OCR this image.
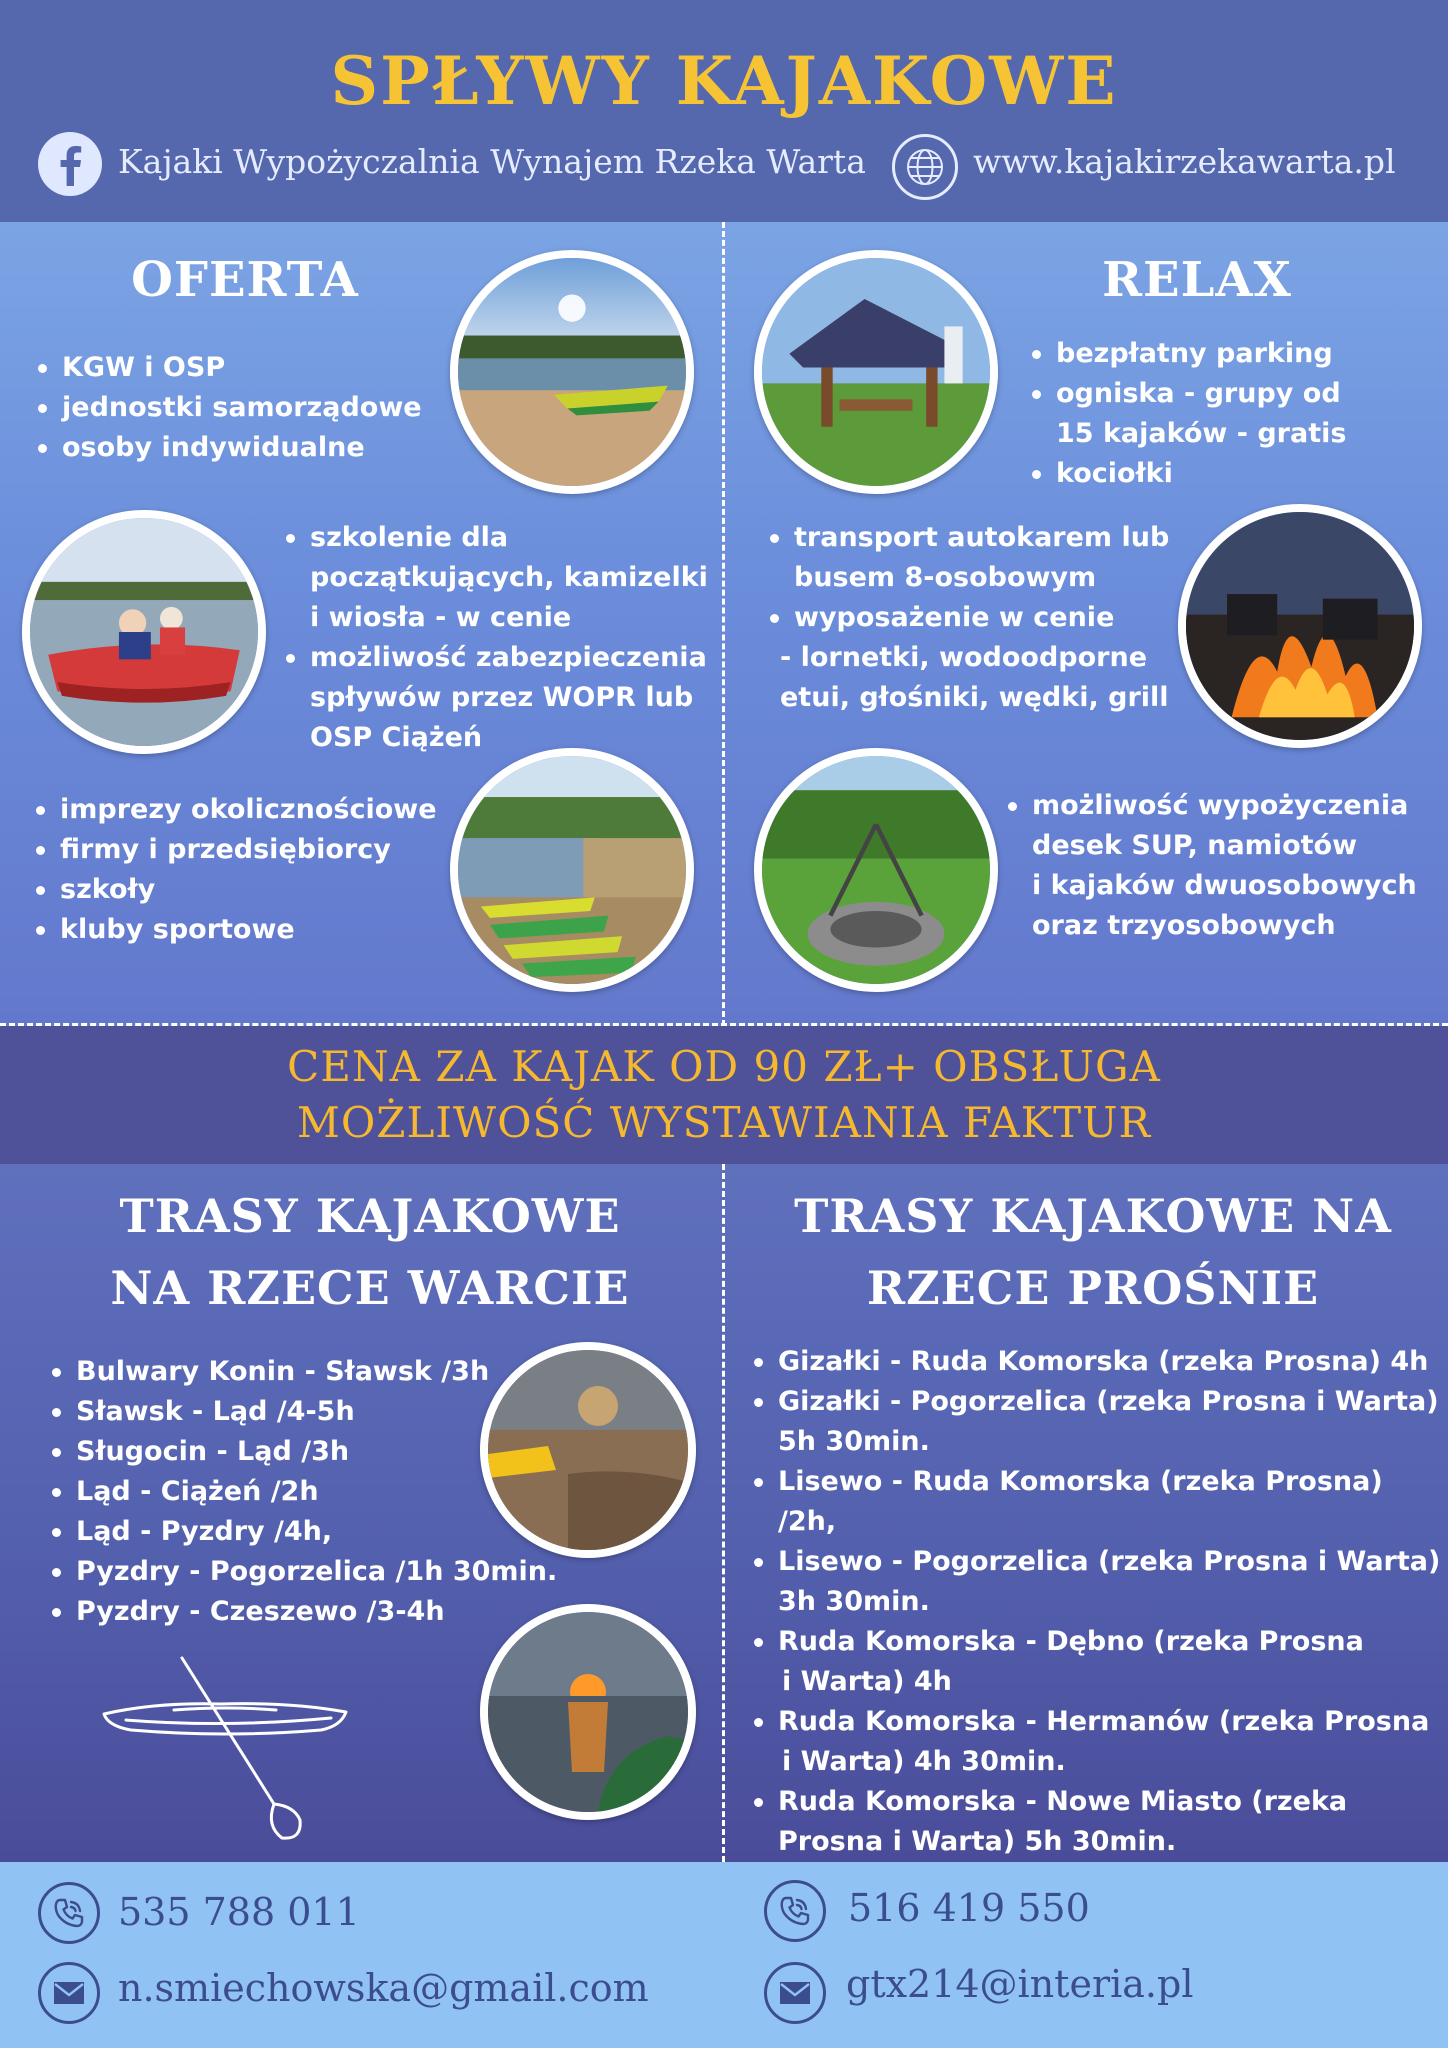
SPŁYWY KAJAKOWE
Kajaki Wypożyczalnia Wynajem Rzeka Warta	www.kajakirzekawarta.pl
OFERTA
KGW i OSP
jednostki samorządowe
osoby indywidualne
szkolenie dla
początkujących, kamizelki
i wiosła - w cenie
możliwość zabezpieczenia
spływów przez WOPR lub
OSP Ciążeń
imprezy okolicznościowe
firmy i przedsiębiorcy
szkoły
kluby sportowe
RELAX
bezpłatny parking
ogniska - grupy od
15 kajaków - gratis
kociołki
transport autokarem lub
busem 8-osobowym
wyposażenie w cenie
- lornetki, wodoodporne
etui, głośniki, wędki, grill
możliwość wypożyczenia
desek SUP, namiotów
i kajaków dwuosobowych
oraz trzyosobowych
CENA ZA KAJAK OD 90 ZŁ+ OBSŁUGA
MOŻLIWOŚĆ WYSTAWIANIA FAKTUR
TRASY KAJAKOWE
NA RZECE WARCIE
Bulwary Konin - Sławsk /3h
Sławsk - Ląd /4-5h
Sługocin - Ląd /3h
Ląd - Ciążeń /2h
Ląd - Pyzdry /4h,
Pyzdry - Pogorzelica /1h 30min.
Pyzdry - Czeszewo /3-4h
TRASY KAJAKOWE NA
RZECE PROŚNIE
Gizałki - Ruda Komorska (rzeka Prosna) 4h
Gizałki - Pogorzelica (rzeka Prosna i Warta)
5h 30min.
Lisewo - Ruda Komorska (rzeka Prosna) /2h,
Lisewo - Pogorzelica (rzeka Prosna i Warta)
3h 30min.
Ruda Komorska - Dębno (rzeka Prosna
i Warta) 4h
Ruda Komorska - Hermanów (rzeka Prosna
i Warta) 4h 30min.
Ruda Komorska - Nowe Miasto (rzeka
Prosna i Warta) 5h 30min.
535 788 011
n.smiechowska@gmail.com
516 419 550
gtx214@interia.pl
